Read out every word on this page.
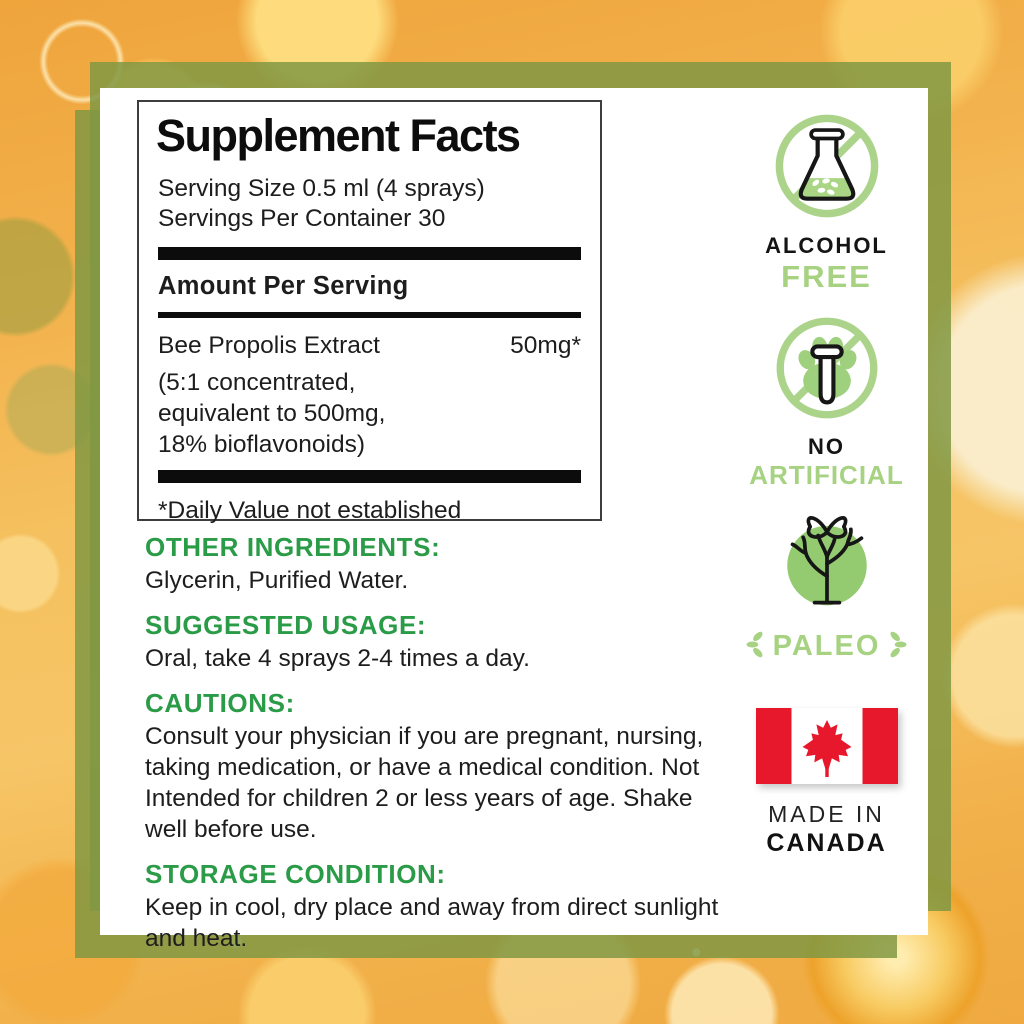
Supplement Facts
Serving Size 0.5 ml (4 sprays)
Servings Per Container 30
Amount Per Serving
Bee Propolis Extract	50mg*
(5:1 concentrated,
equivalent to 500mg,
18% bioflavonoids)
*Daily Value not established
OTHER INGREDIENTS:
Glycerin, Purified Water.
SUGGESTED USAGE:
Oral, take 4 sprays 2-4 times a day.
CAUTIONS:
Consult your physician if you are pregnant, nursing, taking medication, or have a medical condition. Not Intended for children 2 or less years of age. Shake well before use.
STORAGE CONDITION:
Keep in cool, dry place and away from direct sunlight and heat.
ALCOHOL
FREE
NO
ARTIFICIAL
PALEO
MADE IN
CANADA
